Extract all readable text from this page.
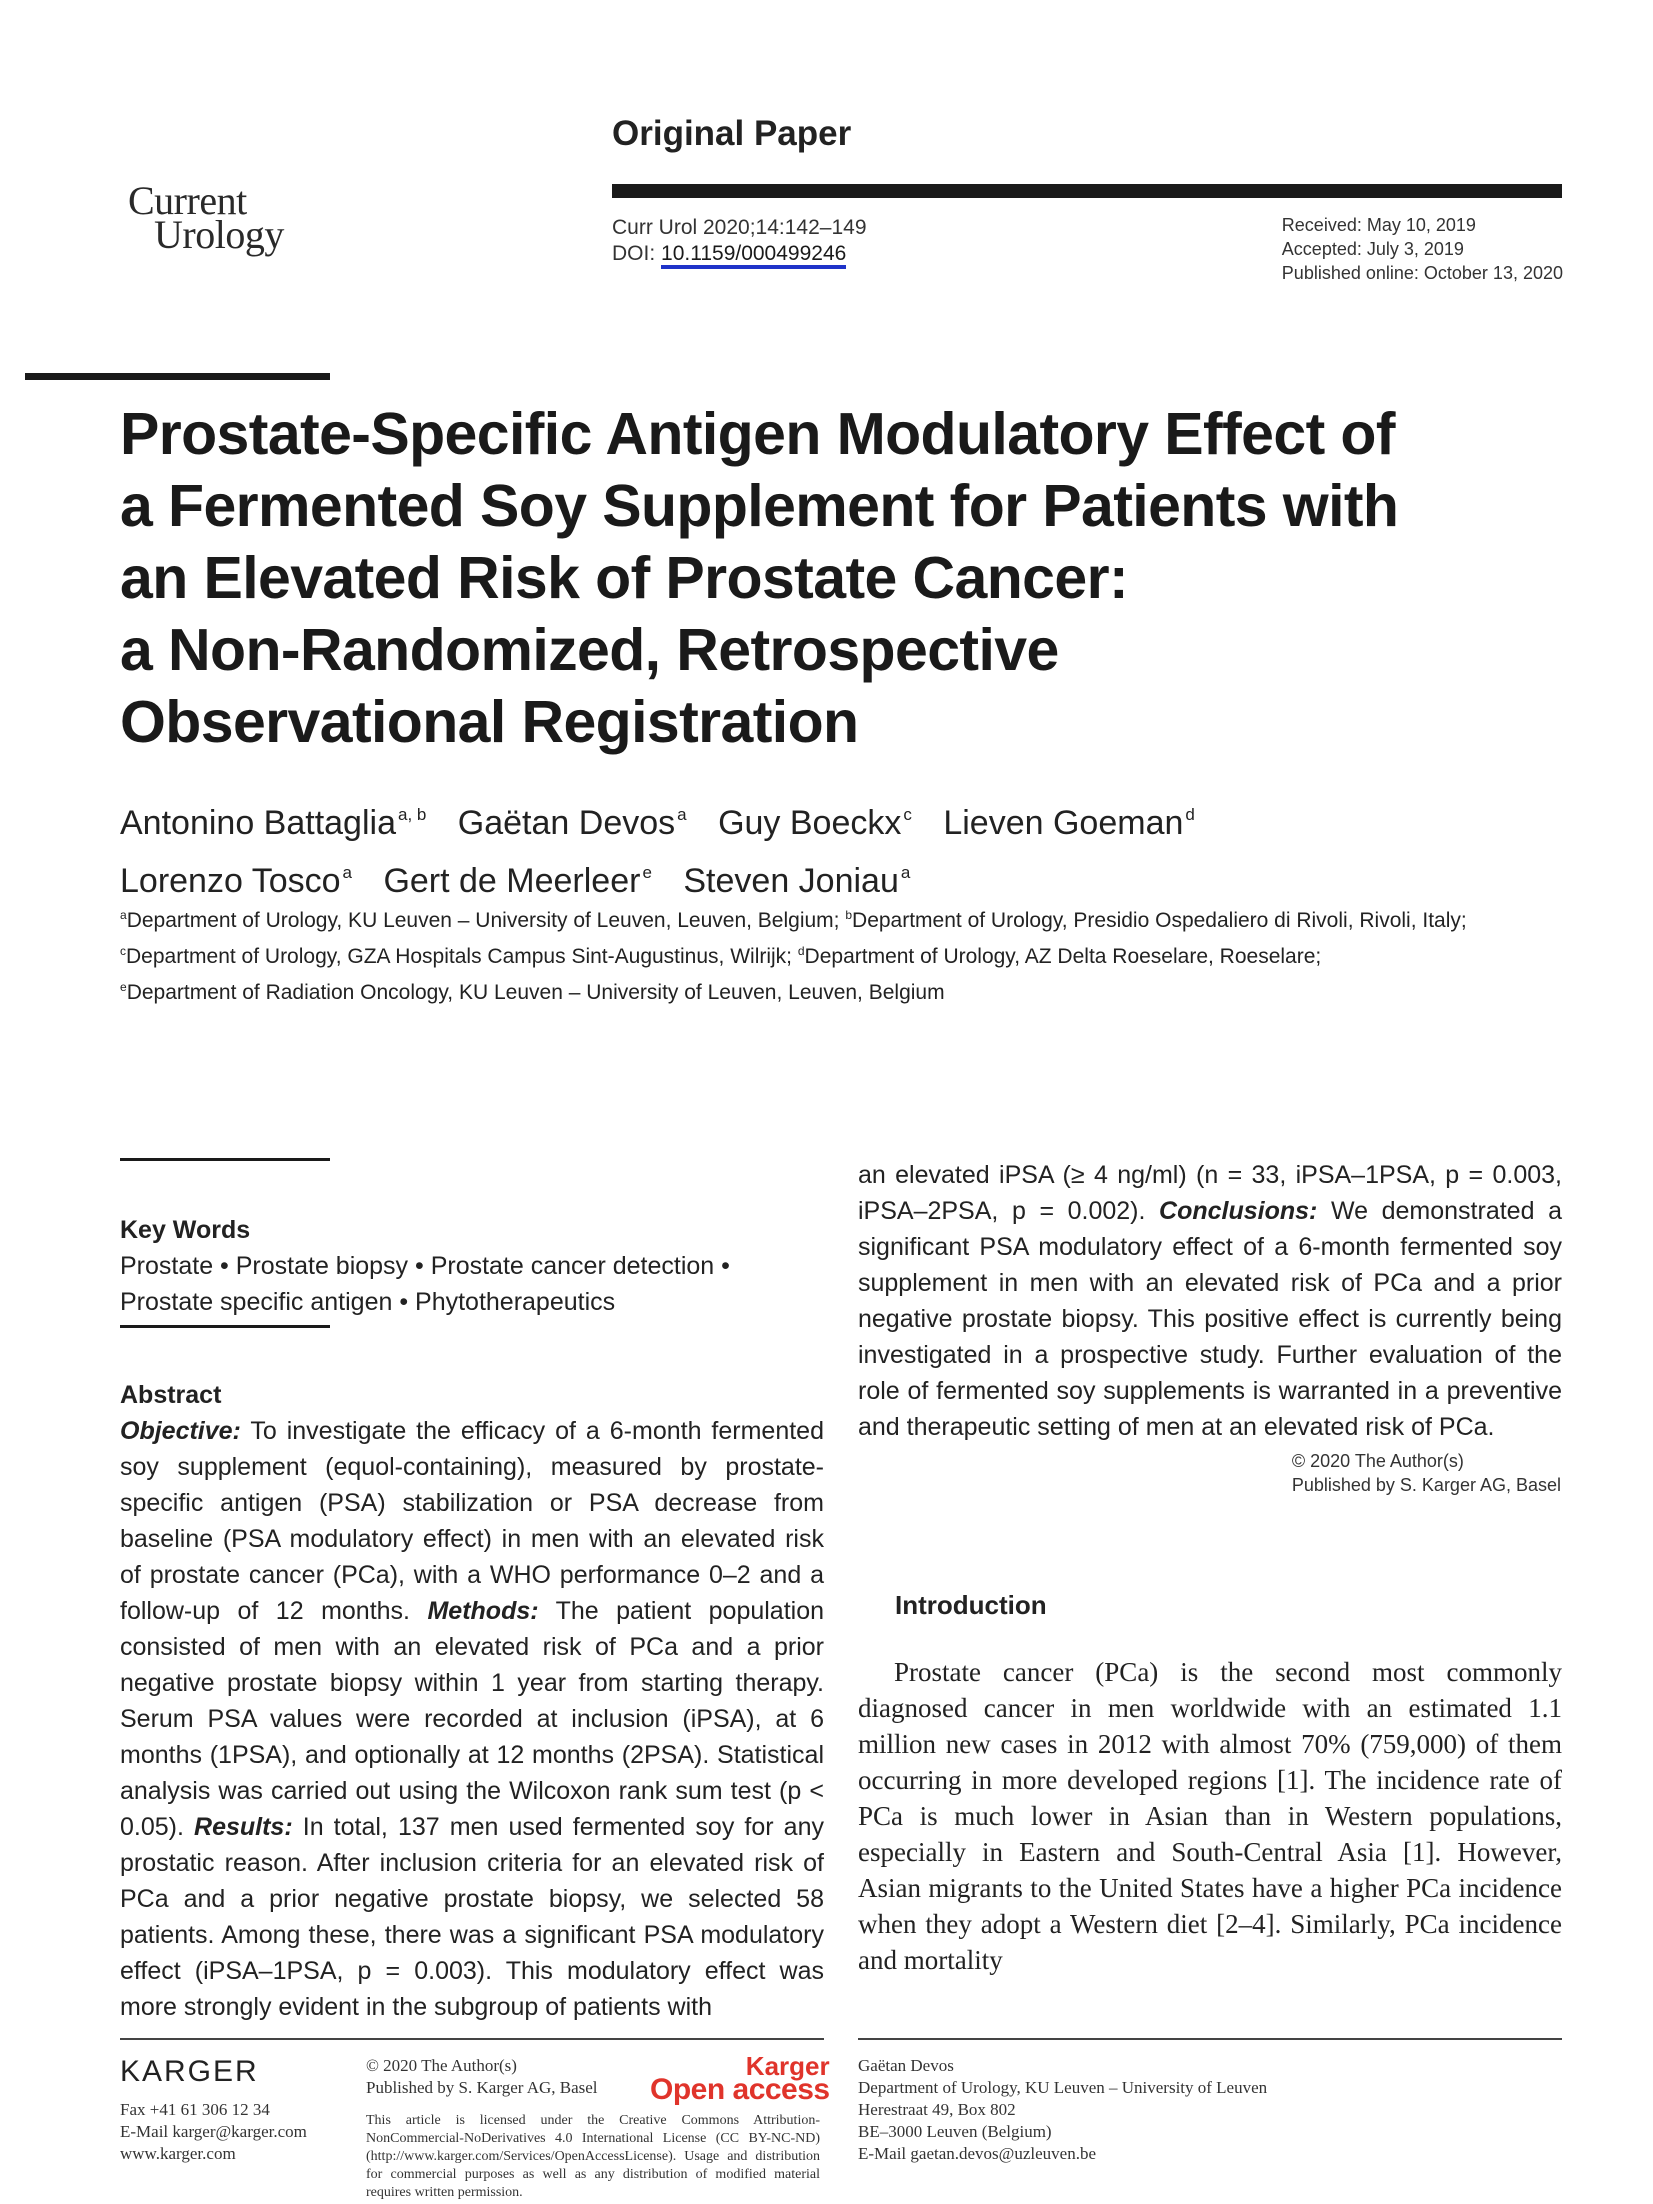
Current
Urology
Original Paper
Curr Urol 2020;14:142–149
DOI: 10.1159/000499246
Received: May 10, 2019
Accepted: July 3, 2019
Published online: October 13, 2020
Prostate-Specific Antigen Modulatory Effect of
a Fermented Soy Supplement for Patients with
an Elevated Risk of Prostate Cancer:
a Non-Randomized, Retrospective
Observational Registration
Antonino Battaglia $^{a, b}$ Gaëtan Devos $^a$ Guy Boeckx $^c$ Lieven Goeman $^d$
Lorenzo Tosco $^a$ Gert de Meerleer $^e$ Steven Joniau $^a$
$^a$Department of Urology, KU Leuven – University of Leuven, Leuven, Belgium; $^b$Department of Urology, Presidio Ospedaliero di Rivoli, Rivoli, Italy; $^c$Department of Urology, GZA Hospitals Campus Sint-Augustinus, Wilrijk; $^d$Department of Urology, AZ Delta Roeselare, Roeselare;
$^e$Department of Radiation Oncology, KU Leuven – University of Leuven, Leuven, Belgium
Key Words
Prostate • Prostate biopsy • Prostate cancer detection •
Prostate specific antigen • Phytotherapeutics
Abstract
Objective: To investigate the efficacy of a 6-month fermented soy supplement (equol-containing), measured by prostate-specific antigen (PSA) stabilization or PSA decrease from baseline (PSA modulatory effect) in men with an elevated risk of prostate cancer (PCa), with a WHO performance 0–2 and a follow-up of 12 months. Methods: The patient population consisted of men with an elevated risk of PCa and a prior negative prostate biopsy within 1 year from starting therapy. Serum PSA values were recorded at inclusion (iPSA), at 6 months (1PSA), and optionally at 12 months (2PSA). Statistical analysis was carried out using the Wilcoxon rank sum test (p < 0.05). Results: In total, 137 men used fermented soy for any prostatic reason. After inclusion criteria for an elevated risk of PCa and a prior negative prostate biopsy, we selected 58 patients. Among these, there was a significant PSA modulatory effect (iPSA–1PSA, p = 0.003). This modulatory effect was more strongly evident in the subgroup of patients with
an elevated iPSA (≥ 4 ng/ml) (n = 33, iPSA–1PSA, p = 0.003, iPSA–2PSA, p = 0.002). Conclusions: We demonstrated a significant PSA modulatory effect of a 6-month fermented soy supplement in men with an elevated risk of PCa and a prior negative prostate biopsy. This positive effect is currently being investigated in a prospective study. Further evaluation of the role of fermented soy supplements is warranted in a preventive and therapeutic setting of men at an elevated risk of PCa.
© 2020 The Author(s)
Published by S. Karger AG, Basel
Introduction
Prostate cancer (PCa) is the second most commonly diagnosed cancer in men worldwide with an estimated 1.1 million new cases in 2012 with almost 70% (759,000) of them occurring in more developed regions [1]. The incidence rate of PCa is much lower in Asian than in Western populations, especially in Eastern and South-Central Asia [1]. However, Asian migrants to the United States have a higher PCa incidence when they adopt a Western diet [2–4]. Similarly, PCa incidence and mortality
KARGER
Fax +41 61 306 12 34
E-Mail karger@karger.com
www.karger.com
© 2020 The Author(s)
Published by S. Karger AG, Basel
Karger
Open access
This article is licensed under the Creative Commons Attribution-NonCommercial-NoDerivatives 4.0 International License (CC BY-NC-ND) (http://www.karger.com/Services/OpenAccessLicense). Usage and distribution for commercial purposes as well as any distribution of modified material requires written permission.
Gaëtan Devos
Department of Urology, KU Leuven – University of Leuven
Herestraat 49, Box 802
BE–3000 Leuven (Belgium)
E-Mail gaetan.devos@uzleuven.be
